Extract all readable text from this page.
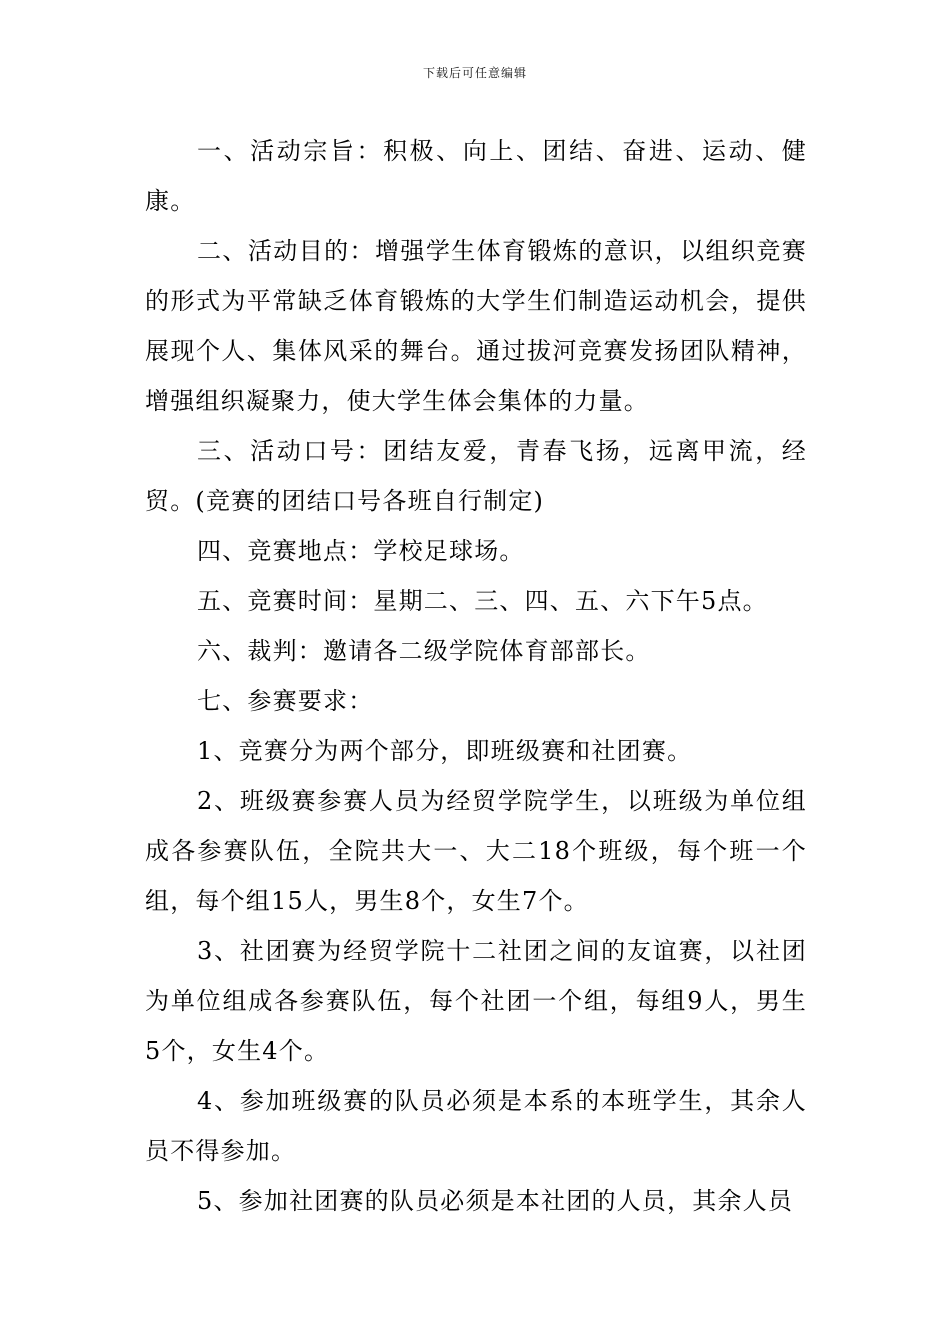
下载后可任意编辑

一、活动宗旨：积极、向上、团结、奋进、运动、健康。

二、活动目的：增强学生体育锻炼的意识，以组织竞赛的形式为平常缺乏体育锻炼的大学生们制造运动机会，提供展现个人、集体风采的舞台。通过拔河竞赛发扬团队精神，增强组织凝聚力，使大学生体会集体的力量。

三、活动口号：团结友爱，青春飞扬，远离甲流，经贸。(竞赛的团结口号各班自行制定)

四、竞赛地点：学校足球场。

五、竞赛时间：星期二、三、四、五、六下午5点。

六、裁判：邀请各二级学院体育部部长。

七、参赛要求：

1、竞赛分为两个部分，即班级赛和社团赛。

2、班级赛参赛人员为经贸学院学生，以班级为单位组成各参赛队伍，全院共大一、大二18个班级，每个班一个组，每个组15人，男生8个，女生7个。

3、社团赛为经贸学院十二社团之间的友谊赛，以社团为单位组成各参赛队伍，每个社团一个组，每组9人，男生5个，女生4个。

4、参加班级赛的队员必须是本系的本班学生，其余人员不得参加。

5、参加社团赛的队员必须是本社团的人员，其余人员
